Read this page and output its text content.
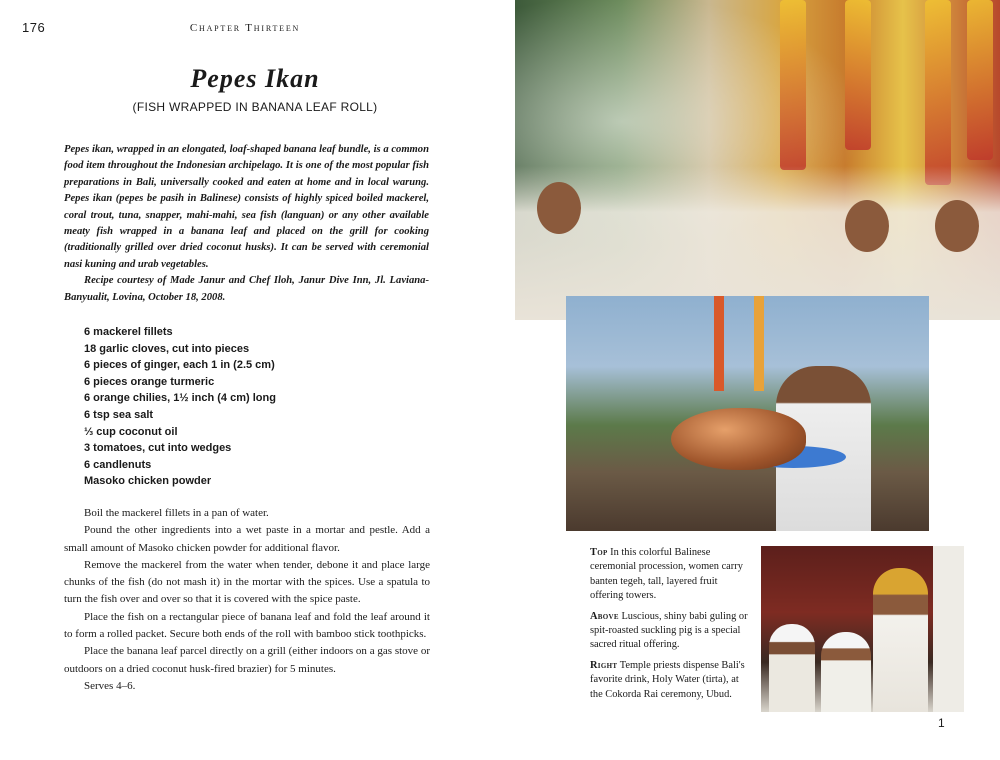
176	Chapter Thirteen
Pepes Ikan
(FISH WRAPPED IN BANANA LEAF ROLL)

Pepes ikan, wrapped in an elongated, loaf-shaped banana leaf bundle, is a common food item throughout the Indonesian archipelago. It is one of the most popular fish preparations in Bali, universally cooked and eaten at home and in local warung. Pepes ikan (pepes be pasih in Balinese) consists of highly spiced boiled mackerel, coral trout, tuna, snapper, mahi-mahi, sea fish (languan) or any other available meaty fish wrapped in a banana leaf and placed on the grill for cooking (traditionally grilled over dried coconut husks). It can be served with ceremonial nasi kuning and urab vegetables.

Recipe courtesy of Made Janur and Chef Iloh, Janur Dive Inn, Jl. Laviana-Banyualit, Lovina, October 18, 2008.

6 mackerel fillets
18 garlic cloves, cut into pieces
6 pieces of ginger, each 1 in (2.5 cm)
6 pieces orange turmeric
6 orange chilies, 1½ inch (4 cm) long
6 tsp sea salt
⅓ cup coconut oil
3 tomatoes, cut into wedges
6 candlenuts
Masoko chicken powder

Boil the mackerel fillets in a pan of water.

Pound the other ingredients into a wet paste in a mortar and pestle. Add a small amount of Masoko chicken powder for additional flavor.

Remove the mackerel from the water when tender, debone it and place large chunks of the fish (do not mash it) in the mortar with the spices. Use a spatula to turn the fish over and over so that it is covered with the spice paste.

Place the fish on a rectangular piece of banana leaf and fold the leaf around it to form a rolled packet. Secure both ends of the roll with bamboo stick toothpicks.

Place the banana leaf parcel directly on a grill (either indoors on a gas stove or outdoors on a dried coconut husk-fired brazier) for 5 minutes.

Serves 4–6.

Top In this colorful Balinese ceremonial procession, women carry banten tegeh, tall, layered fruit offering towers.

Above Luscious, shiny babi guling or spit-roasted suckling pig is a special sacred ritual offering.

Right Temple priests dispense Bali's favorite drink, Holy Water (tirta), at the Cokorda Rai ceremony, Ubud.

1
